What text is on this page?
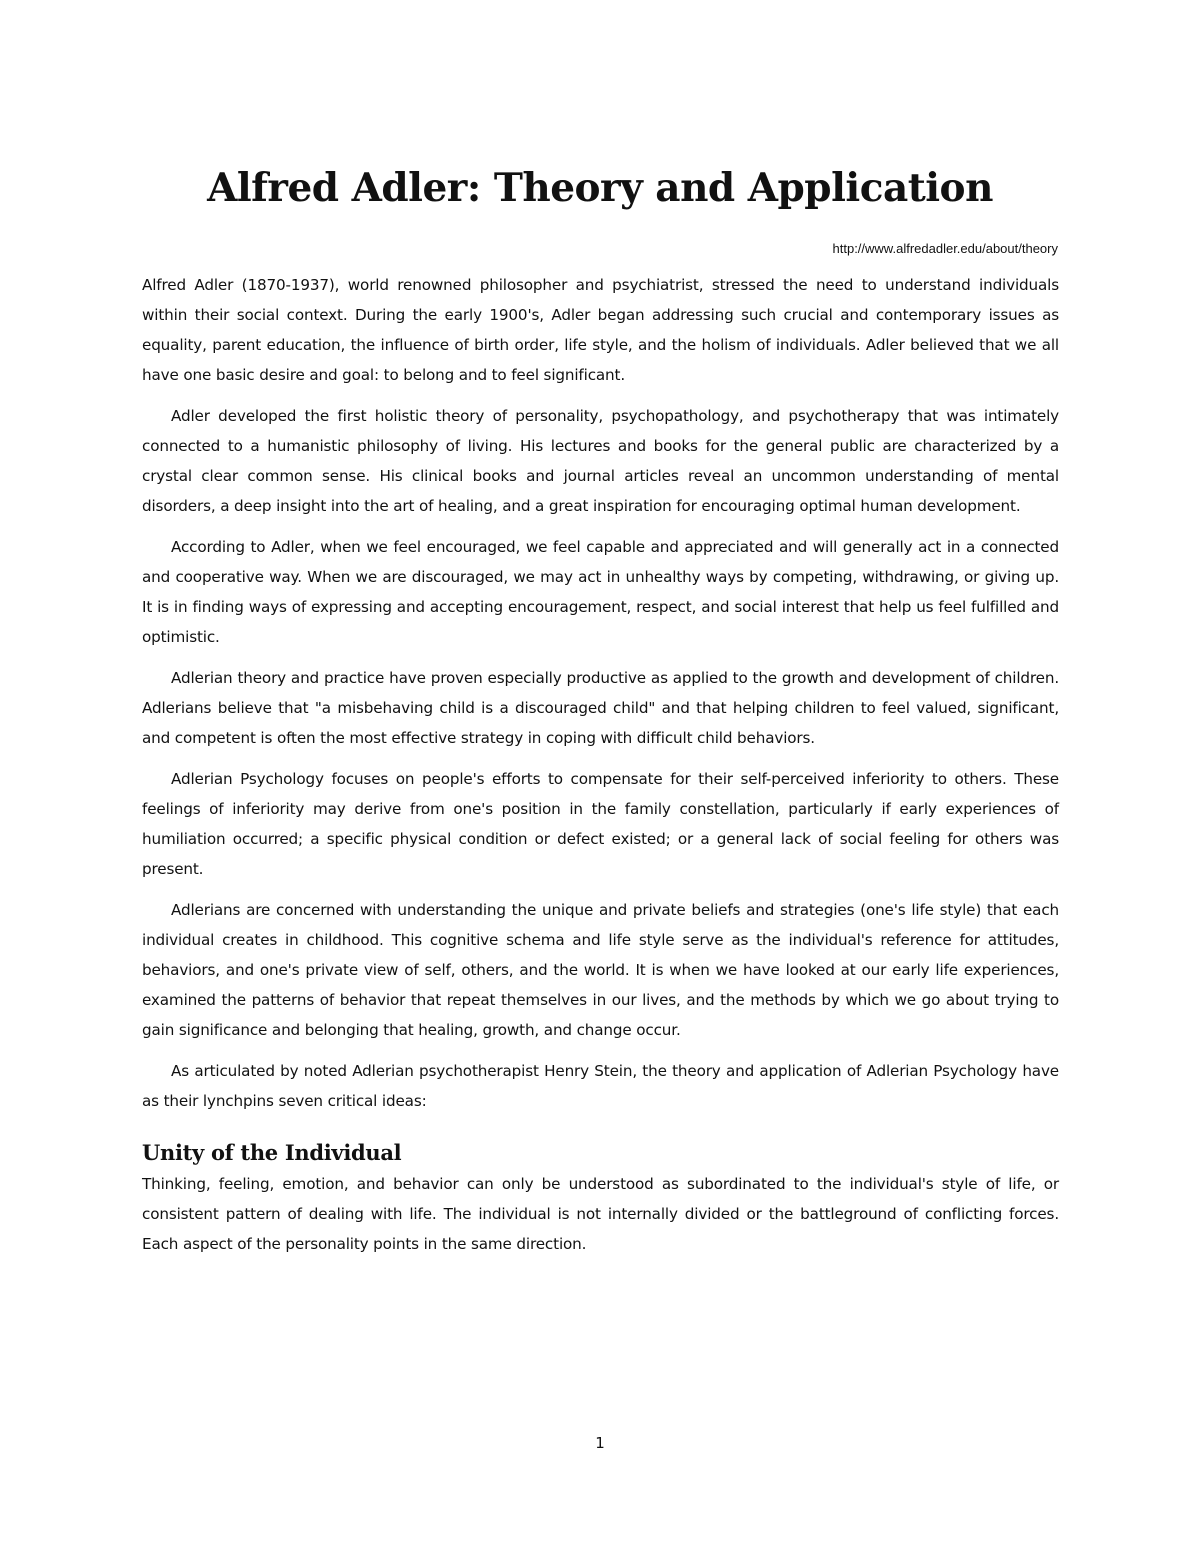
Alfred Adler: Theory and Application
http://www.alfredadler.edu/about/theory

Alfred Adler (1870-1937), world renowned philosopher and psychiatrist, stressed the need to understand individuals within their social context. During the early 1900's, Adler began addressing such crucial and contemporary issues as equality, parent education, the influence of birth order, life style, and the holism of individuals. Adler believed that we all have one basic desire and goal: to belong and to feel significant.

Adler developed the first holistic theory of personality, psychopathology, and psychotherapy that was intimately connected to a humanistic philosophy of living. His lectures and books for the general public are characterized by a crystal clear common sense. His clinical books and journal articles reveal an uncommon understanding of mental disorders, a deep insight into the art of healing, and a great inspiration for encouraging optimal human development.

According to Adler, when we feel encouraged, we feel capable and appreciated and will generally act in a connected and cooperative way. When we are discouraged, we may act in unhealthy ways by competing, withdrawing, or giving up. It is in finding ways of expressing and accepting encouragement, respect, and social interest that help us feel fulfilled and optimistic.

Adlerian theory and practice have proven especially productive as applied to the growth and development of children. Adlerians believe that "a misbehaving child is a discouraged child" and that helping children to feel valued, significant, and competent is often the most effective strategy in coping with difficult child behaviors.

Adlerian Psychology focuses on people's efforts to compensate for their self-perceived inferiority to others. These feelings of inferiority may derive from one's position in the family constellation, particularly if early experiences of humiliation occurred; a specific physical condition or defect existed; or a general lack of social feeling for others was present.

Adlerians are concerned with understanding the unique and private beliefs and strategies (one's life style) that each individual creates in childhood. This cognitive schema and life style serve as the individual's reference for attitudes, behaviors, and one's private view of self, others, and the world. It is when we have looked at our early life experiences, examined the patterns of behavior that repeat themselves in our lives, and the methods by which we go about trying to gain significance and belonging that healing, growth, and change occur.

As articulated by noted Adlerian psychotherapist Henry Stein, the theory and application of Adlerian Psychology have as their lynchpins seven critical ideas:

Unity of the Individual

Thinking, feeling, emotion, and behavior can only be understood as subordinated to the individual's style of life, or consistent pattern of dealing with life. The individual is not internally divided or the battleground of conflicting forces. Each aspect of the personality points in the same direction.

1
